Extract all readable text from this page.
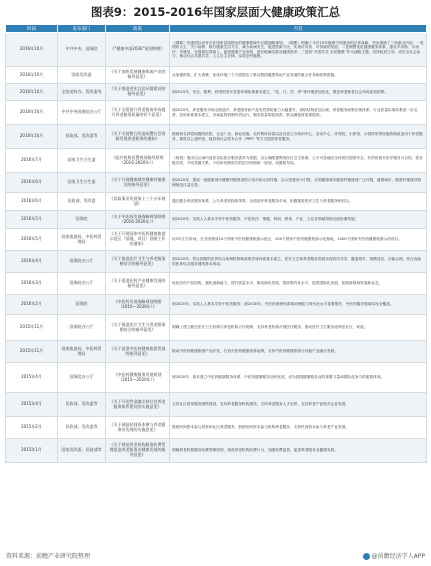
图表9：2015-2016年国家层面大健康政策汇总
时间	发布部门	政策	内容
2016年10月	中共中央、国务院	《“健康中国2030”规划纲要》	《纲要》是建国以来首次在国家层面提出的健康领域中长期战略规划。《纲要》明确了今后15年健康中国建设的总体战略，突出强调了三项重点内容：一是预防为主、关口前移，推行健康生活方式，减少疾病发生，促进资源下沉，实现可负担、可持续的发展；二是调整优化健康服务体系，强化早诊断、早治疗、早康复，在强基层基础上，促进健康产业发展，更好地满足群众健康需求；三是将“共建共享 全民健康”作为战略主题，坚持政府主导，动员全社会参与，推动社会共建共享，人人自主自律，实现全民健康。
2016年10月	国家发改委	《关于加快发展健康休闲产业的指导意见》	从加强供给、扩大消费、优化环境三个方面提出了推动我国健康休闲产业发展的重点任务和政策措施。
2016年10月	全国老龄办、发改委等	《关于推进老年宜居环境建设的指导意见》	到2025年，安全、便利、舒适的老年宜居环境体系基本建立，“住、行、医、养”等环境更加优化，敬老养老助老社会风尚更加浓厚。
2016年10月	中共中央国务院办公厅	《关于全面放开养老服务市场提升养老服务质量的若干意见》	到2020年，养老服务市场全面放开，养老服务和产品有效供给能力大幅提升，供给结构更加合理，养老服务政策法规体系、行业质量标准体系进一步完善，信用体系基本建立，市场监管机制有效运行，服务质量明显改善，群众满意度显著提高。
2016年10月	民政部、发改委等	《关于支持整合改造闲置社会资源发展养老服务的通知》	鼓励和支持将闲置的医院、企业厂房、商业设施、农村集体房屋以及各类公办培训中心、活动中心、疗养院、小旅馆、小招待所等设施资源改造用于养老服务，推进以公建民营、政府和社会资本合作（PPP）等方式提供养老服务。
2016年7月	国家卫生计生委	《医疗机构设置规划指导原则（2016-2020年）》	《规划》提出以区域内居民实际医疗服务需求为依据，以合理配置利用医疗卫生资源、公平可及地向全体居民提供安全、有效的基本医疗服务为目的，将各级各类、不同隶属关系、不同所有制形式的医疗机构统一规划、设置和布局。
2016年6月	国家卫生计生委	《关于开展健康城市健康村镇建设的指导意见》	到2020年，建成一批健康城市健康村镇建设的示范市和示范村镇，以示范建设为引领，全国健康城市健康村镇建设广泛开展，健康城市、健康村镇建设管理规范日益完善。
2016年6月	民政部、发改委	《民政事业发展第十三个五年规划》	通过健全养老服务体系、公办养老机构改革等，全面放开养老服务市场，积极推进医疗卫生与养老服务相结合。
2016年5月	国务院	《关于中医药发展战略规划纲要（2016-2030年）》	到2020年，实现人人基本享有中医药服务，中医医疗、保健、科研、教育、产业、文化各领域得到全面协调发展。
2016年5月	国家旅游局、中医药管理局	《关于开展国家中医药健康旅游示范区（基地、项目）创建工作的通知》	用3年左右时间，在全国建成10个国家中医药健康旅游示范区，100个国家中医药健康旅游示范基地，1000个国家中医药健康旅游示范项目。
2016年4月	国务院办公厅	《关于推进医疗卫生与养老服务相结合的指导意见》	到2020年，符合国情的医养结合体制机制和政策法规体系基本建立，医疗卫生和养老服务资源实现有序共享，覆盖城乡、规模适宜、功能合理、综合连续的医养结合服务网络基本形成。
2016年3月	国务院办公厅	《关于促进医药产业健康发展的指导意见》	优化医药产品结构，强化创新能力，提升质量水平，推动绿色发展，提高集约化水平，促进国际化发展，拓展新领域发展新业态。
2016年2月	国务院	《中医药发展战略规划纲要（2016—2030年）》	到2020年，实现人人基本享有中医药服务；到2030年，中医药治理体系和治理能力现代化水平显著提升，中医药服务领域实现全覆盖。
2015年11月	国务院办公厅	《关于推进医疗卫生与养老服务相结合的指导意见》	明确了建立健全医疗卫生机构与养老机构合作机制，支持养老机构开展医疗服务，推动医疗卫生服务延伸至社区、家庭。
2015年11月	国家旅游局、中医药管理局	《关于促进中医药健康旅游发展的指导意见》	推动中医药健康旅游产品开发，打造中医药健康旅游品牌，支持中医药健康旅游与其他产业融合发展。
2015年4月	国务院办公厅	《中医药健康服务发展规划（2015—2020年）》	到2020年，基本建立中医药健康服务体系，中医药健康服务加快发展，成为我国健康服务业的重要力量和国际竞争力的重要体现。
2015年4月	民政部、发改委等	《关于开发性金融支持社会养老服务体系建设的实施意见》	支持社区居家服务网络建设，支持养老服务机构建设，支持养老服务人才培养，支持养老产业相关企业发展。
2015年2月	民政部、发改委等	《关于鼓励民间资本参与养老服务业发展的实施意见》	鼓励民间资本参与居家和社区养老服务，鼓励民间资本参与机构养老服务，支持民间资本参与养老产业发展。
2015年1月	国家发改委、民政部等	《关于规范养老机构服务收费管理促进养老服务业健康发展的指导意见》	明确养老机构服务收费管理原则，规范养老机构收费行为，加强收费监管，促进养老服务业健康发展。
资料来源：前瞻产业研究院整理	@前瞻经济学人APP
